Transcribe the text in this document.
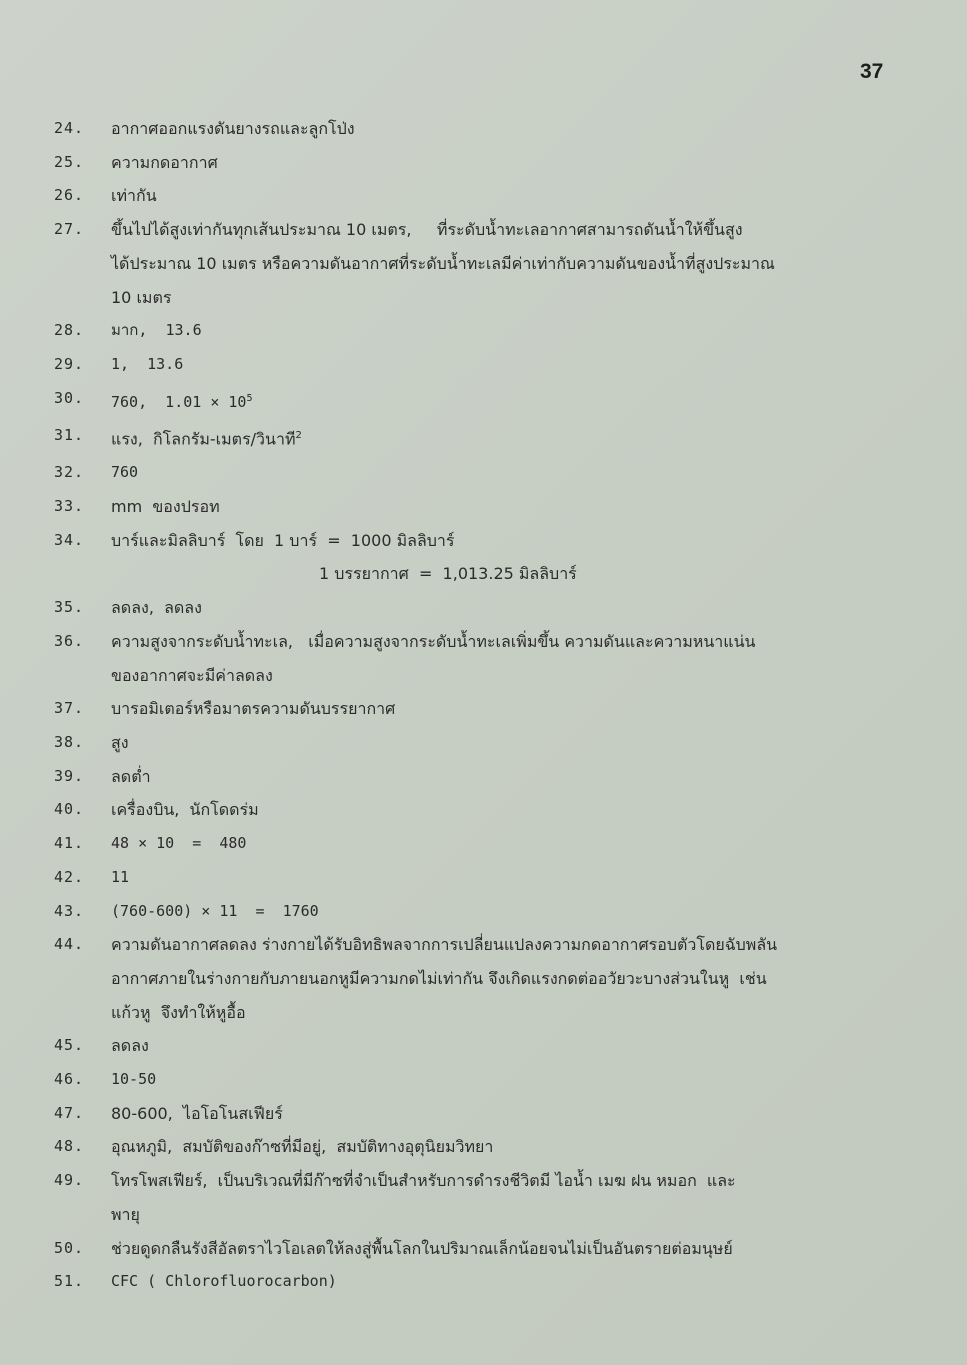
37
24.	อากาศออกแรงดันยางรถและลูกโป่ง
25.	ความกดอากาศ
26.	เท่ากัน
27.	ขึ้นไปได้สูงเท่ากันทุกเส้นประมาณ 10 เมตร,     ที่ระดับน้ำทะเลอากาศสามารถดันน้ำให้ขึ้นสูง
ได้ประมาณ 10 เมตร หรือความดันอากาศที่ระดับน้ำทะเลมีค่าเท่ากับความดันของน้ำที่สูงประมาณ
10 เมตร
28.	มาก,  13.6
29.	1,  13.6
30.	760,  $1.01 \times 10^5$
31.	แรง,  กิโลกรัม-เมตร/วินาที$^2$
32.	760
33.	mm  ของปรอท
34.	บาร์และมิลลิบาร์  โดย  1 บาร์  =  1000 มิลลิบาร์
1 บรรยากาศ  =  1,013.25 มิลลิบาร์
35.	ลดลง,  ลดลง
36.	ความสูงจากระดับน้ำทะเล,   เมื่อความสูงจากระดับน้ำทะเลเพิ่มขึ้น ความดันและความหนาแน่น
ของอากาศจะมีค่าลดลง
37.	บารอมิเตอร์หรือมาตรความดันบรรยากาศ
38.	สูง
39.	ลดต่ำ
40.	เครื่องบิน,  นักโดดร่ม
41.	48 × 10  =  480
42.	11
43.	(760-600) × 11  =  1760
44.	ความดันอากาศลดลง ร่างกายได้รับอิทธิพลจากการเปลี่ยนแปลงความกดอากาศรอบตัวโดยฉับพลัน
อากาศภายในร่างกายกับภายนอกหูมีความกดไม่เท่ากัน จึงเกิดแรงกดต่ออวัยวะบางส่วนในหู  เช่น
แก้วหู  จึงทำให้หูอื้อ
45.	ลดลง
46.	10-50
47.	80-600,  ไอโอโนสเฟียร์
48.	อุณหภูมิ,  สมบัติของก๊าซที่มีอยู่,  สมบัติทางอุตุนิยมวิทยา
49.	โทรโพสเฟียร์,  เป็นบริเวณที่มีก๊าซที่จำเป็นสำหรับการดำรงชีวิตมี ไอน้ำ เมฆ ฝน หมอก  และ
พายุ
50.	ช่วยดูดกลืนรังสีอัลตราไวโอเลตให้ลงสู่พื้นโลกในปริมาณเล็กน้อยจนไม่เป็นอันตรายต่อมนุษย์
51.	CFC ( Chlorofluorocarbon)
